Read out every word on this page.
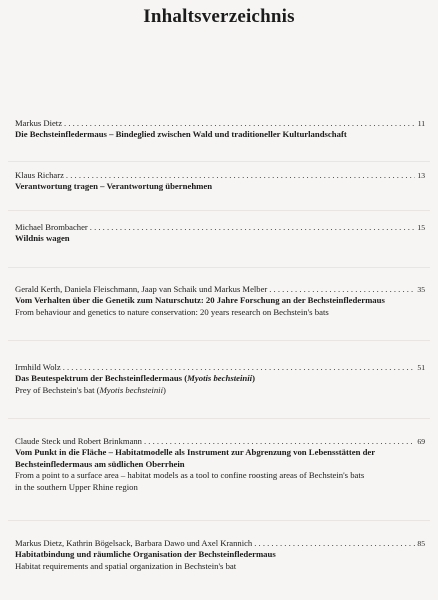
Inhaltsverzeichnis
Markus Dietz . . .	11
Die Bechsteinfledermaus – Bindeglied zwischen Wald und traditioneller Kulturlandschaft
Klaus Richarz . . .	13
Verantwortung tragen – Verantwortung übernehmen
Michael Brombacher . . .	15
Wildnis wagen
Gerald Kerth, Daniela Fleischmann, Jaap van Schaik und Markus Melber . . .	35
Vom Verhalten über die Genetik zum Naturschutz: 20 Jahre Forschung an der Bechsteinfledermaus
From behaviour and genetics to nature conservation: 20 years research on Bechstein's bats
Irmhild Wolz . . .	51
Das Beutespektrum der Bechsteinfledermaus (Myotis bechsteinii)
Prey of Bechstein's bat (Myotis bechsteinii)
Claude Steck und Robert Brinkmann . . .	69
Vom Punkt in die Fläche – Habitatmodelle als Instrument zur Abgrenzung von Lebensstätten der
Bechsteinfledermaus am südlichen Oberrhein
From a point to a surface area – habitat models as a tool to confine roosting areas of Bechstein's bats
in the southern Upper Rhine region
Markus Dietz, Kathrin Bögelsack, Barbara Dawo und Axel Krannich . . .	85
Habitatbindung und räumliche Organisation der Bechsteinfledermaus
Habitat requirements and spatial organization in Bechstein's bat
